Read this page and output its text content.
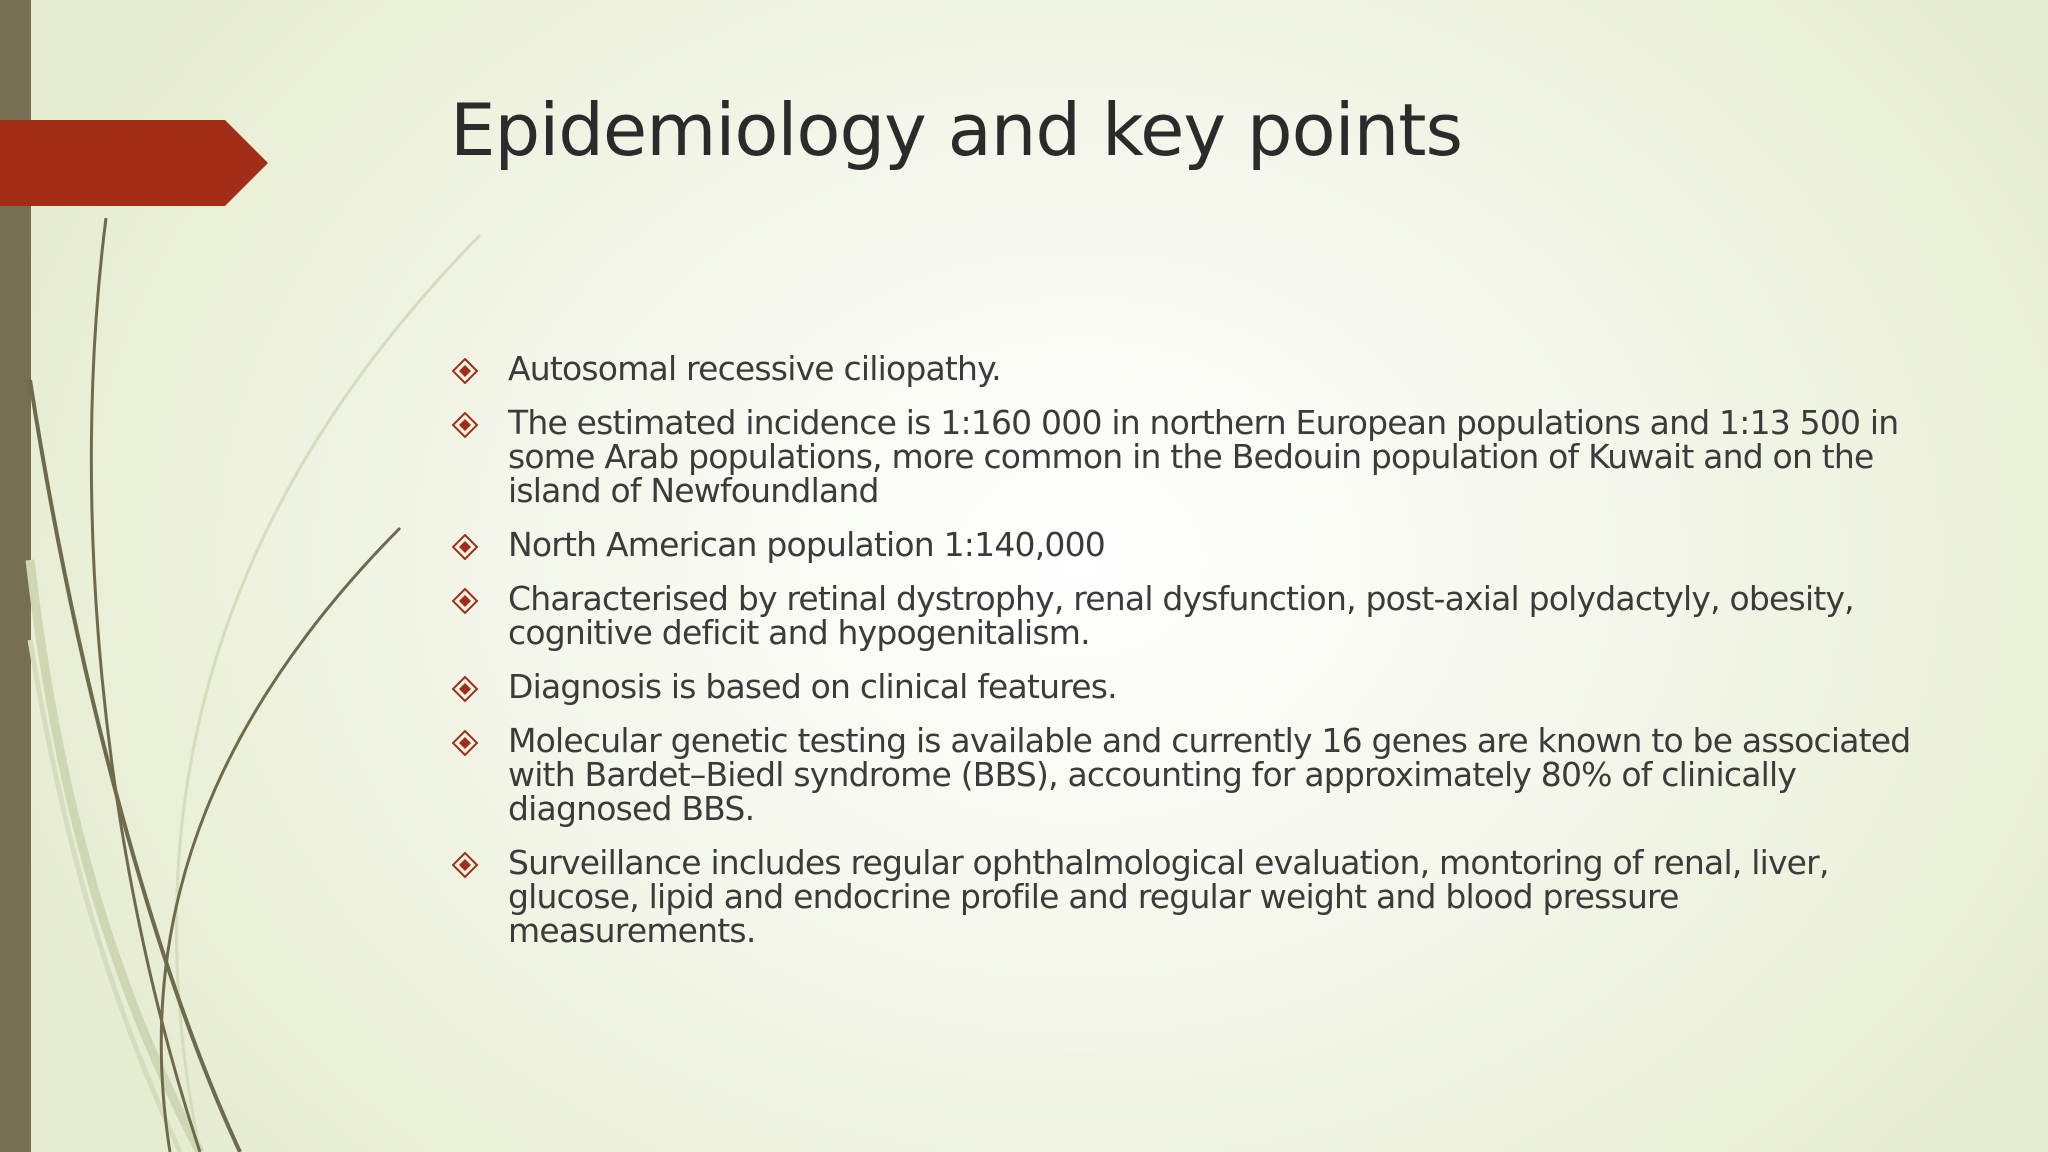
Epidemiology and key points
Autosomal recessive ciliopathy.
The estimated incidence is 1:160 000 in northern European populations and 1:13 500 in some Arab populations, more common in the Bedouin population of Kuwait and on the island of Newfoundland
North American population 1:140,000
Characterised by retinal dystrophy, renal dysfunction, post-axial polydactyly, obesity, cognitive deficit and hypogenitalism.
Diagnosis is based on clinical features.
Molecular genetic testing is available and currently 16 genes are known to be associated with Bardet–Biedl syndrome (BBS), accounting for approximately 80% of clinically diagnosed BBS.
Surveillance includes regular ophthalmological evaluation, montoring of renal, liver, glucose, lipid and endocrine profile and regular weight and blood pressure measurements.
